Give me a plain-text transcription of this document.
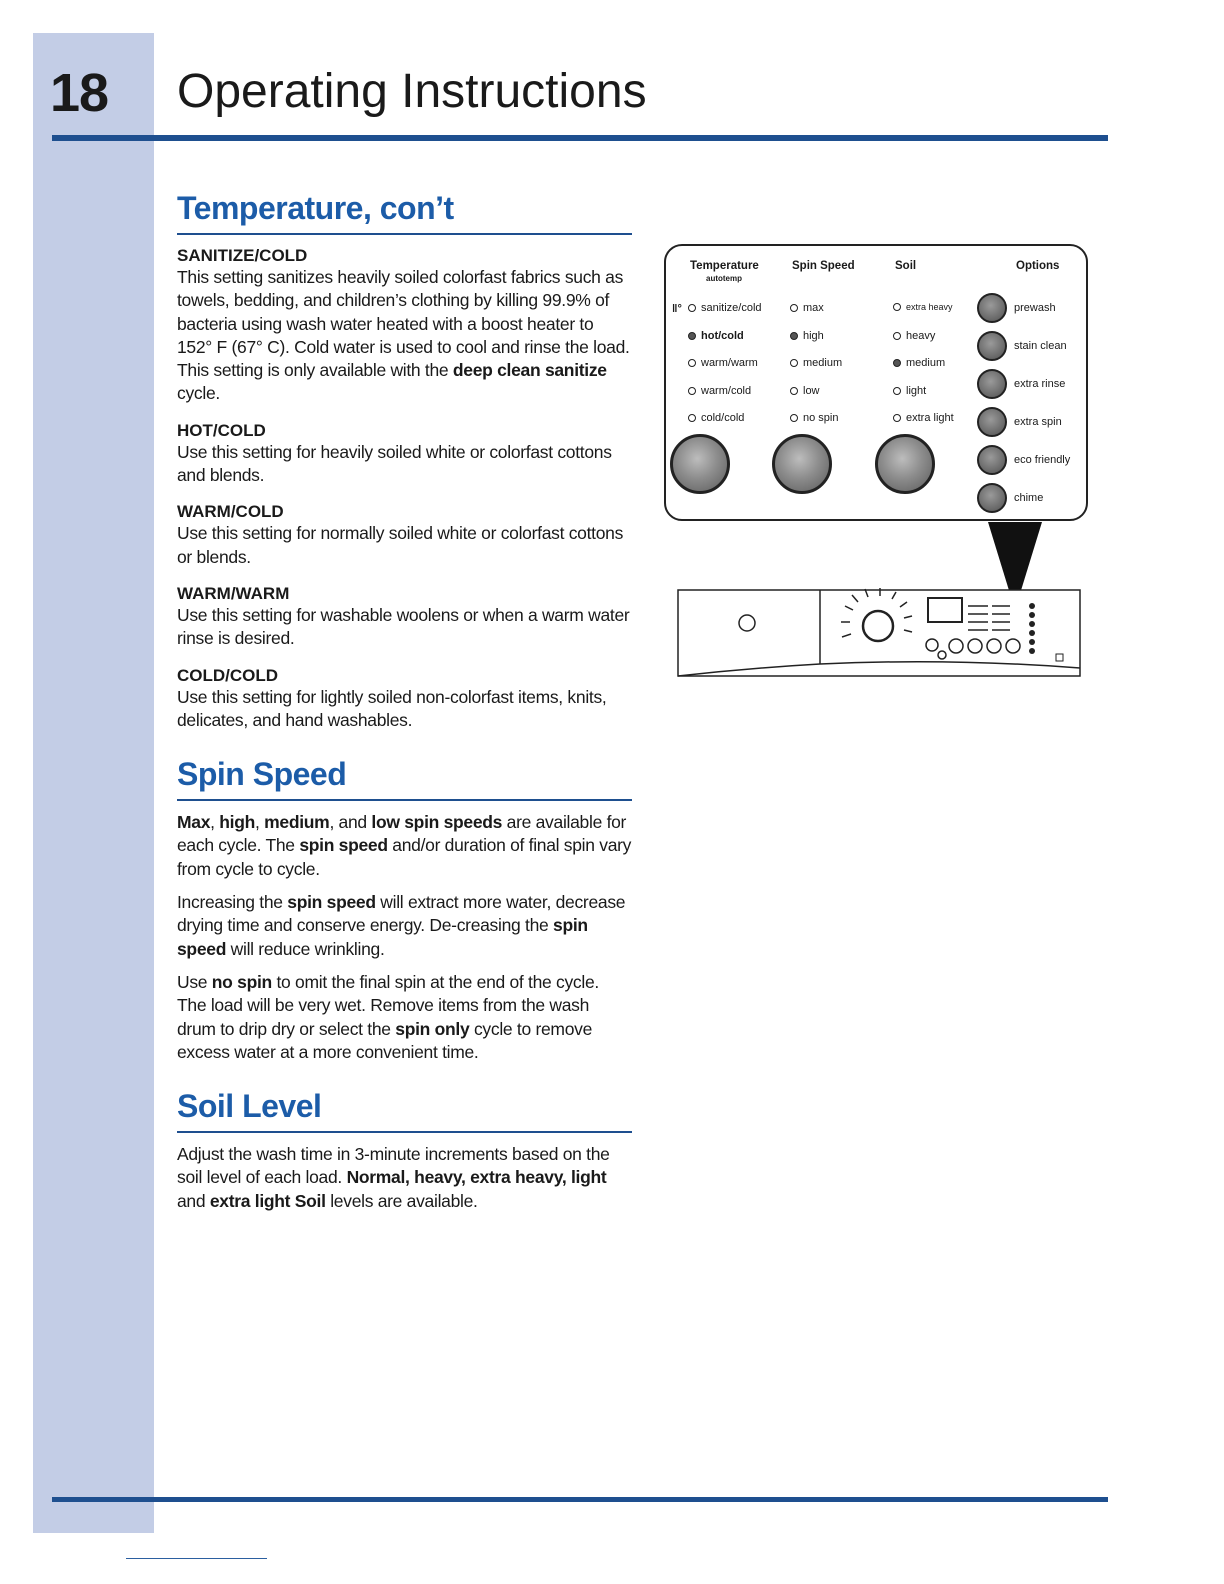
18 Operating Instructions
Temperature, con’t

SANITIZE/COLD

This setting sanitizes heavily soiled colorfast fabrics such as towels, bedding, and children’s clothing by killing 99.9% of bacteria using wash water heated with a boost heater to 152° F (67° C). Cold water is used to cool and rinse the load. This setting is only available with the deep clean sanitize cycle.

HOT/COLD

Use this setting for heavily soiled white or colorfast cottons and blends.

WARM/COLD

Use this setting for normally soiled white or colorfast cottons or blends.

WARM/WARM

Use this setting for washable woolens or when a warm water rinse is desired.

COLD/COLD

Use this setting for lightly soiled non-colorfast items, knits, delicates, and hand washables.

Spin Speed

Max, high, medium, and low spin speeds are available for each cycle. The spin speed and/or duration of final spin vary from cycle to cycle.

Increasing the spin speed will extract more water, decrease drying time and conserve energy. De-creasing the spin speed will reduce wrinkling.

Use no spin to omit the final spin at the end of the cycle. The load will be very wet. Remove items from the wash drum to drip dry or select the spin only cycle to remove excess water at a more convenient time.

Soil Level

Adjust the wash time in 3-minute increments based on the soil level of each load. Normal, heavy, extra heavy, light and extra light Soil levels are available.

Temperature
autotemp
Spin Speed	Soil	Options
ǁ° sanitize/cold
hot/cold
warm/warm
warm/cold
cold/cold
max
high
medium
low
no spin
extra heavy
heavy
medium
light
extra light
prewash
stain clean
extra rinse
extra spin
eco friendly
chime
